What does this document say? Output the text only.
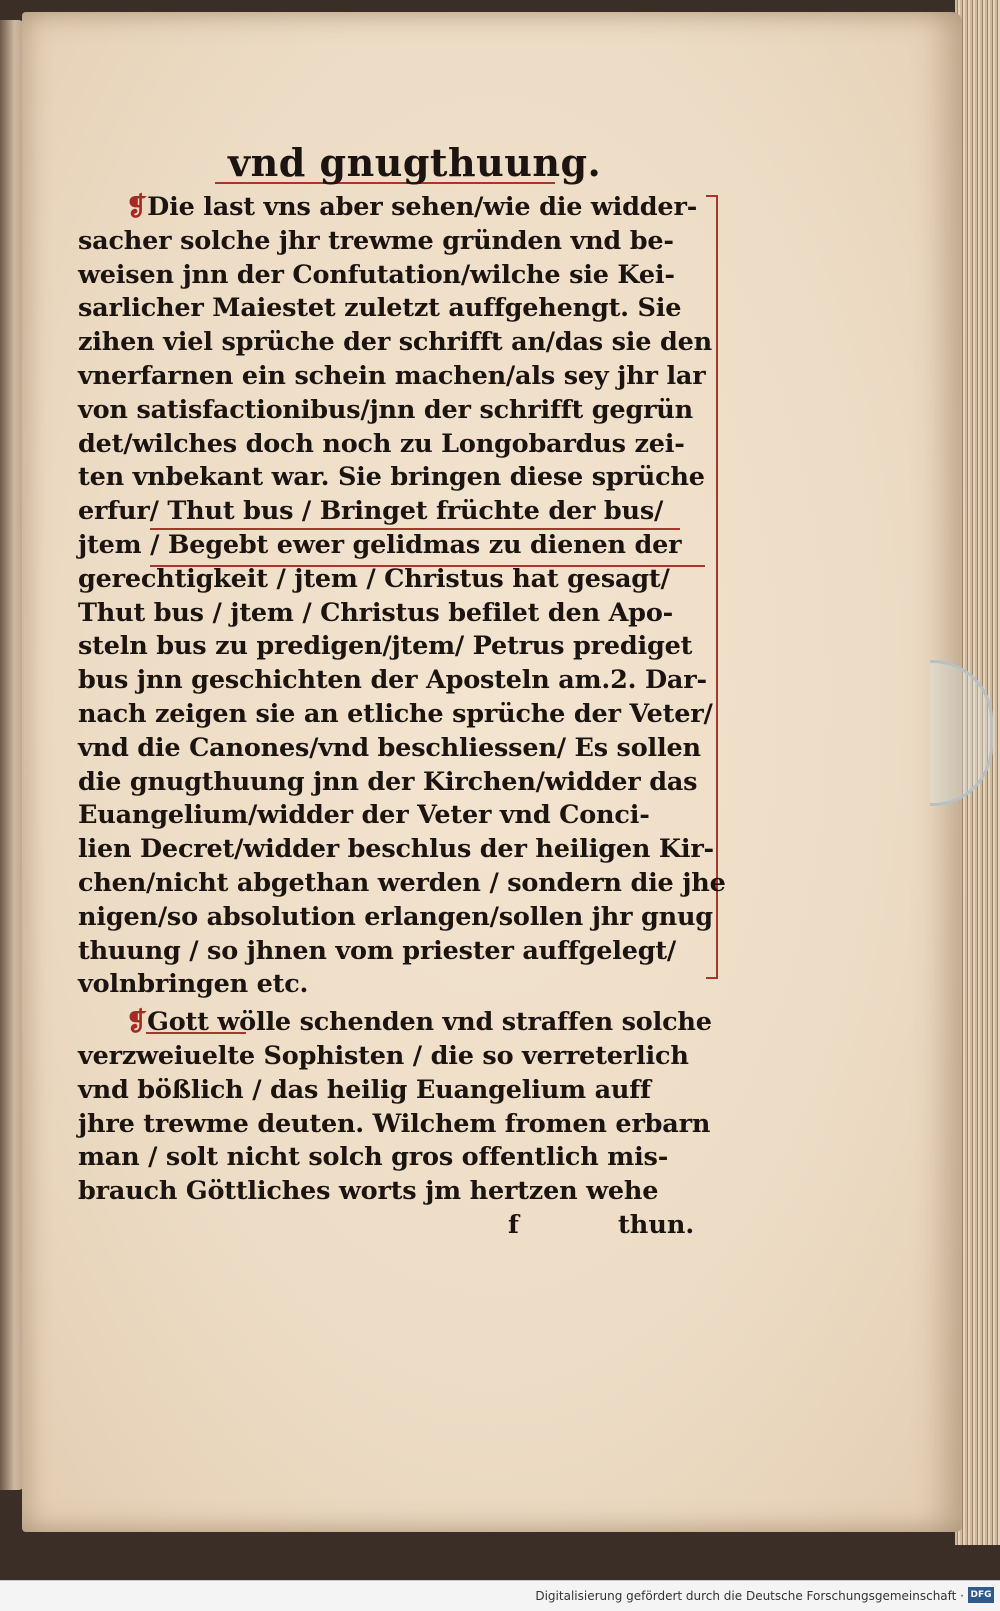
vnd gnugthuung.
❡Die last vns aber sehen/wie die widder-
sacher solche jhr trewme gründen vnd be-
weisen jnn der Confutation/wilche sie Kei-
sarlicher Maiestet zuletzt auffgehengt. Sie
zihen viel sprüche der schrifft an/das sie den
vnerfarnen ein schein machen/als sey jhr lar
von satisfactionibus/jnn der schrifft gegrün
det/wilches doch noch zu Longobardus zei-
ten vnbekant war. Sie bringen diese sprüche
erfur/ Thut bus / Bringet früchte der bus/
jtem / Begebt ewer gelidmas zu dienen der
gerechtigkeit / jtem / Christus hat gesagt/
Thut bus / jtem / Christus befilet den Apo-
steln bus zu predigen/jtem/ Petrus prediget
bus jnn geschichten der Aposteln am.2. Dar-
nach zeigen sie an etliche sprüche der Veter/
vnd die Canones/vnd beschliessen/ Es sollen
die gnugthuung jnn der Kirchen/widder das
Euangelium/widder der Veter vnd Conci-
lien Decret/widder beschlus der heiligen Kir-
chen/nicht abgethan werden / sondern die jhe
nigen/so absolution erlangen/sollen jhr gnug
thuung / so jhnen vom priester auffgelegt/
volnbringen etc.
❡Gott wölle schenden vnd straffen solche
verzweiuelte Sophisten / die so verreterlich
vnd bößlich / das heilig Euangelium auff
jhre trewme deuten. Wilchem fromen erbarn
man / solt nicht solch gros offentlich mis-
brauch Göttliches worts jm hertzen wehe
f	thun.
Digitalisierung gefördert durch die Deutsche Forschungsgemeinschaft · DFG
